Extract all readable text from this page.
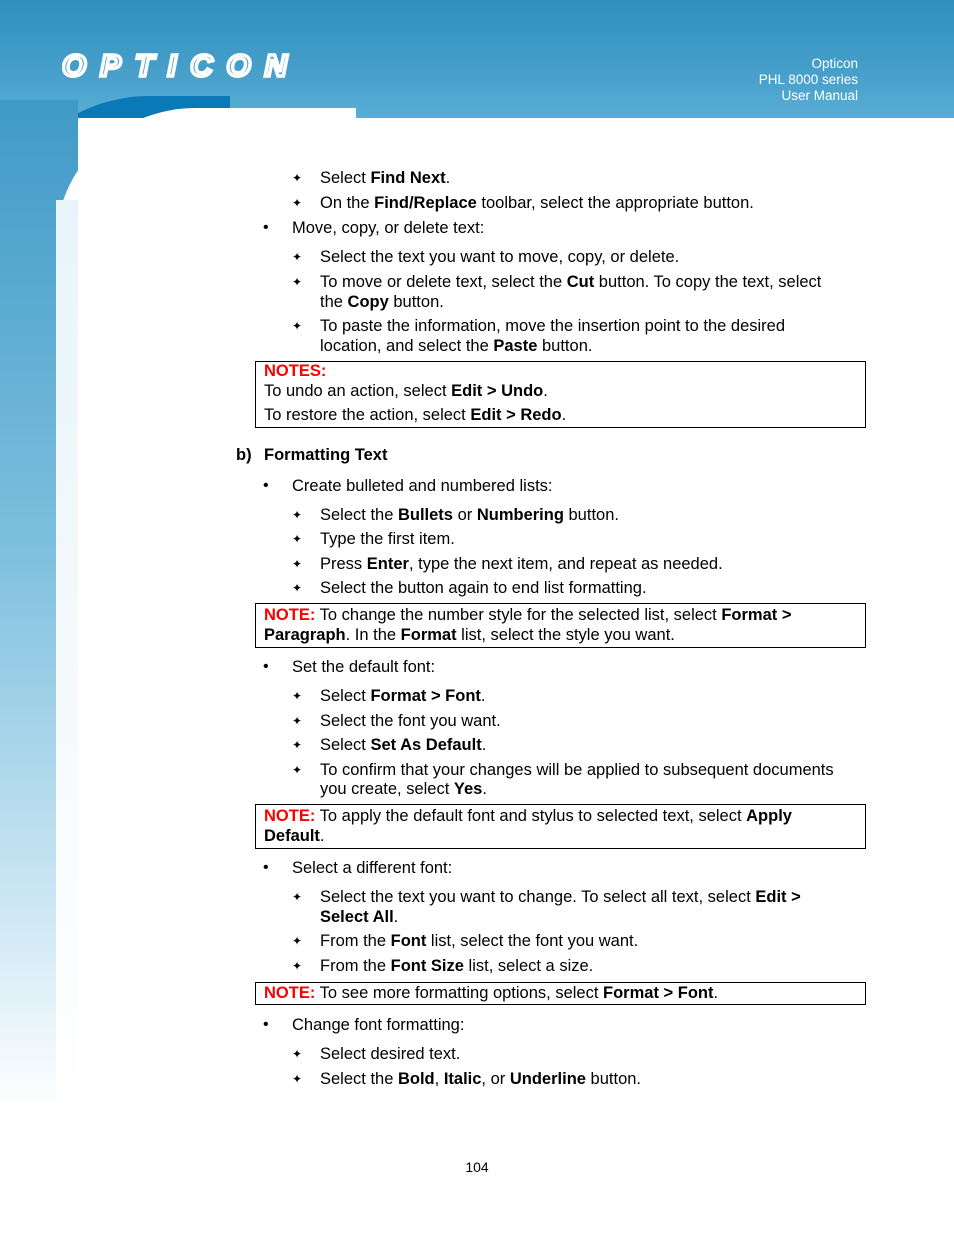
OPTICON	Opticon
PHL 8000 series
User Manual
✦ Select Find Next.
✦ On the Find/Replace toolbar, select the appropriate button.
• Move, copy, or delete text:
✦ Select the text you want to move, copy, or delete.
✦ To move or delete text, select the Cut button. To copy the text, select
the Copy button.
✦ To paste the information, move the insertion point to the desired
location, and select the Paste button.
NOTES:
To undo an action, select Edit > Undo.
To restore the action, select Edit > Redo.
b) Formatting Text
• Create bulleted and numbered lists:
✦ Select the Bullets or Numbering button.
✦ Type the first item.
✦ Press Enter, type the next item, and repeat as needed.
✦ Select the button again to end list formatting.
NOTE: To change the number style for the selected list, select Format >
Paragraph. In the Format list, select the style you want.
• Set the default font:
✦ Select Format > Font.
✦ Select the font you want.
✦ Select Set As Default.
✦ To confirm that your changes will be applied to subsequent documents
you create, select Yes.
NOTE: To apply the default font and stylus to selected text, select Apply
Default.
• Select a different font:
✦ Select the text you want to change. To select all text, select Edit >
Select All.
✦ From the Font list, select the font you want.
✦ From the Font Size list, select a size.
NOTE: To see more formatting options, select Format > Font.
• Change font formatting:
✦ Select desired text.
✦ Select the Bold, Italic, or Underline button.
104
